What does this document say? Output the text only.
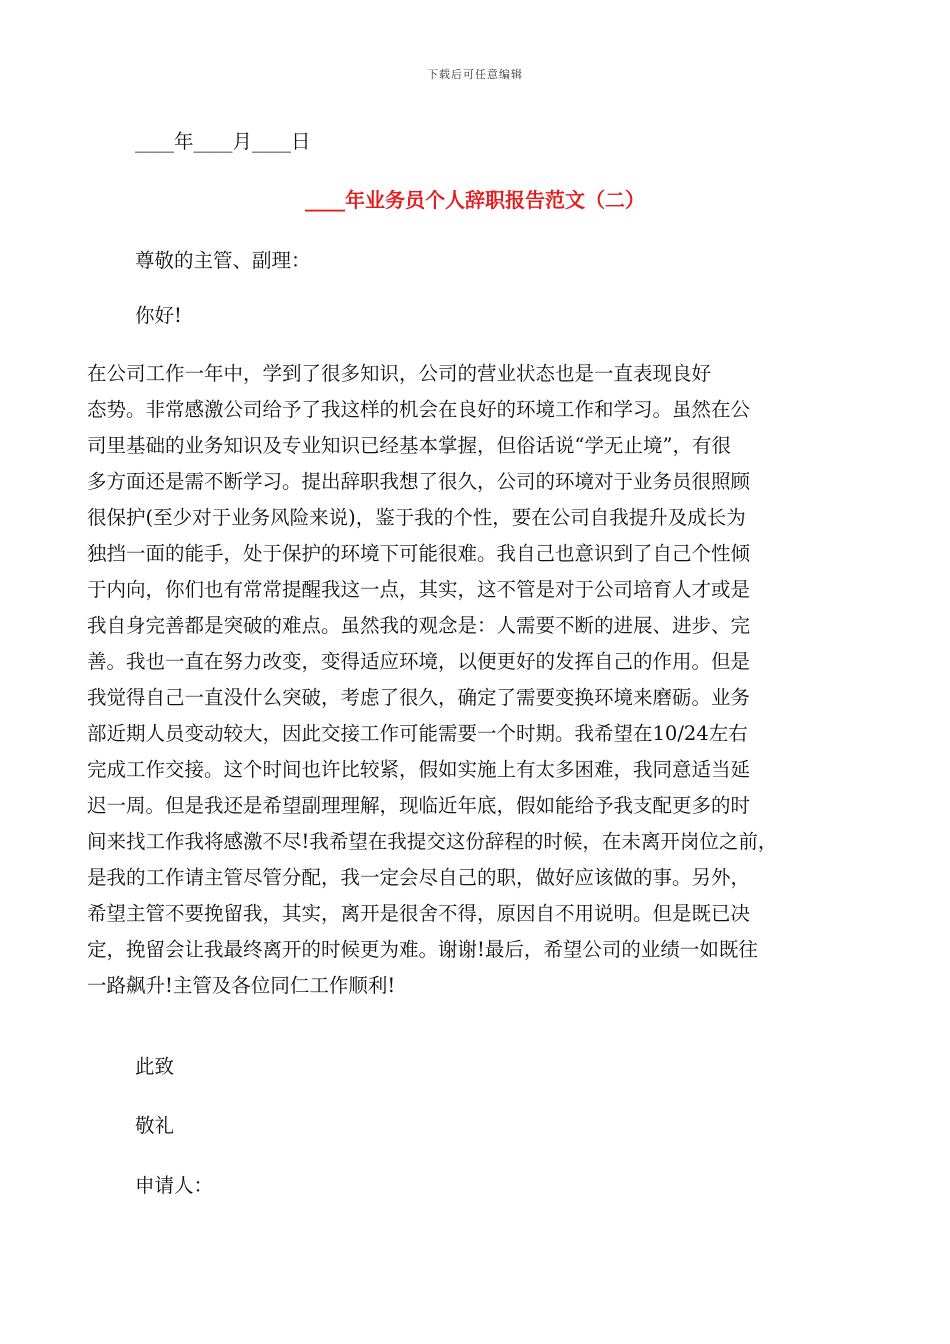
下载后可任意编辑
____年____月____日
____年业务员个人辞职报告范文（二）
尊敬的主管、副理：
你好!
在公司工作一年中，学到了很多知识，公司的营业状态也是一直表现良好
态势。非常感激公司给予了我这样的机会在良好的环境工作和学习。虽然在公
司里基础的业务知识及专业知识已经基本掌握，但俗话说“学无止境”，有很
多方面还是需不断学习。提出辞职我想了很久，公司的环境对于业务员很照顾
很保护(至少对于业务风险来说)，鉴于我的个性，要在公司自我提升及成长为
独挡一面的能手，处于保护的环境下可能很难。我自己也意识到了自己个性倾
于内向，你们也有常常提醒我这一点，其实，这不管是对于公司培育人才或是
我自身完善都是突破的难点。虽然我的观念是：人需要不断的进展、进步、完
善。我也一直在努力改变，变得适应环境，以便更好的发挥自己的作用。但是
我觉得自己一直没什么突破，考虑了很久，确定了需要变换环境来磨砺。业务
部近期人员变动较大，因此交接工作可能需要一个时期。我希望在10/24左右
完成工作交接。这个时间也许比较紧，假如实施上有太多困难，我同意适当延
迟一周。但是我还是希望副理理解，现临近年底，假如能给予我支配更多的时
间来找工作我将感激不尽!我希望在我提交这份辞程的时候，在未离开岗位之前，
是我的工作请主管尽管分配，我一定会尽自己的职，做好应该做的事。另外，
希望主管不要挽留我，其实，离开是很舍不得，原因自不用说明。但是既已决
定，挽留会让我最终离开的时候更为难。谢谢!最后，希望公司的业绩一如既往
一路飙升!主管及各位同仁工作顺利!
此致
敬礼
申请人：
